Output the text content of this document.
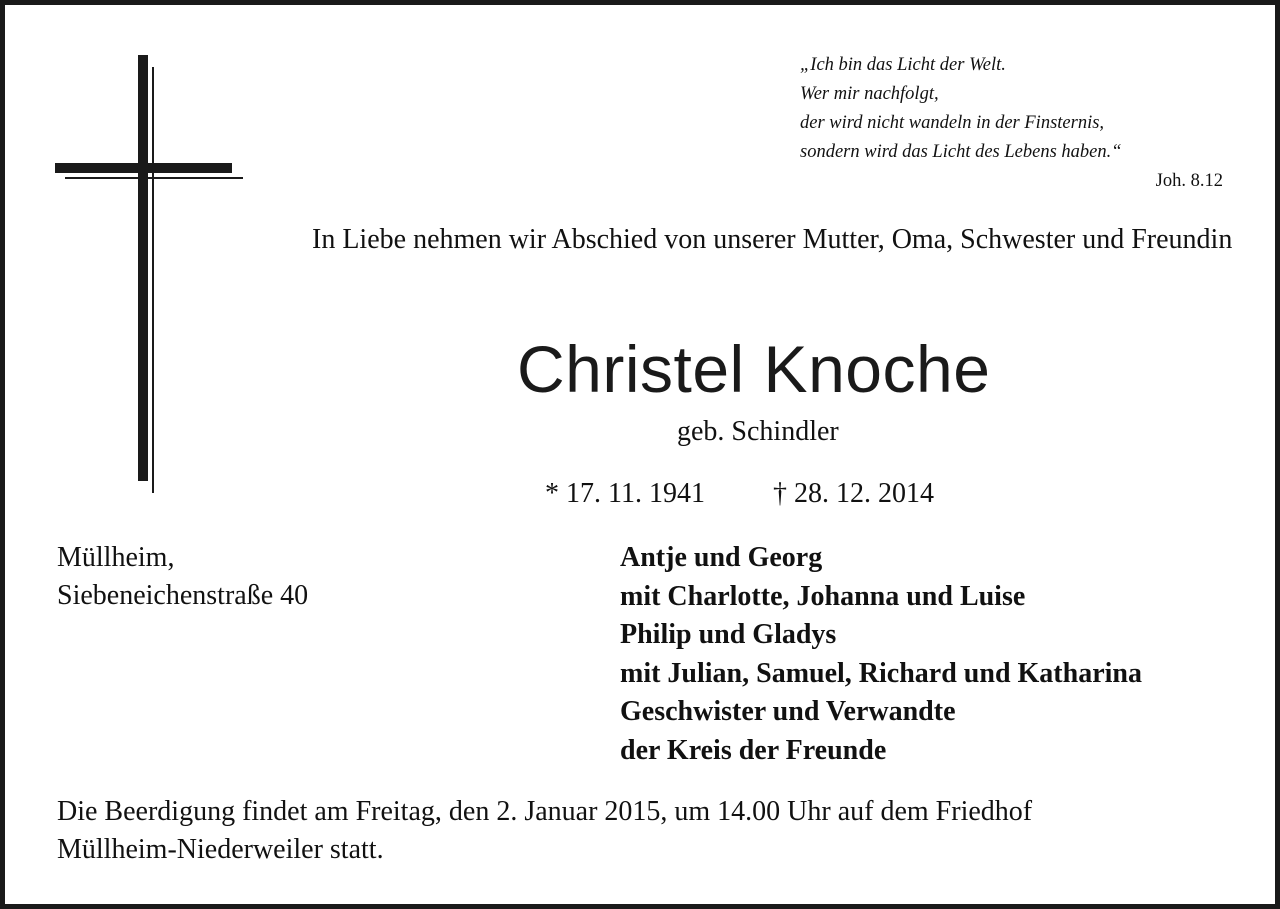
„Ich bin das Licht der Welt.
Wer mir nachfolgt,
der wird nicht wandeln in der Finsternis,
sondern wird das Licht des Lebens haben.“
Joh. 8.12
In Liebe nehmen wir Abschied von unserer Mutter, Oma, Schwester und Freundin
Christel Knoche
geb. Schindler
* 17. 11. 1941 † 28. 12. 2014
Müllheim,
Siebeneichenstraße 40
Antje und Georg
mit Charlotte, Johanna und Luise
Philip und Gladys
mit Julian, Samuel, Richard und Katharina
Geschwister und Verwandte
der Kreis der Freunde
Die Beerdigung findet am Freitag, den 2. Januar 2015, um 14.00 Uhr auf dem Friedhof
Müllheim-Niederweiler statt.
